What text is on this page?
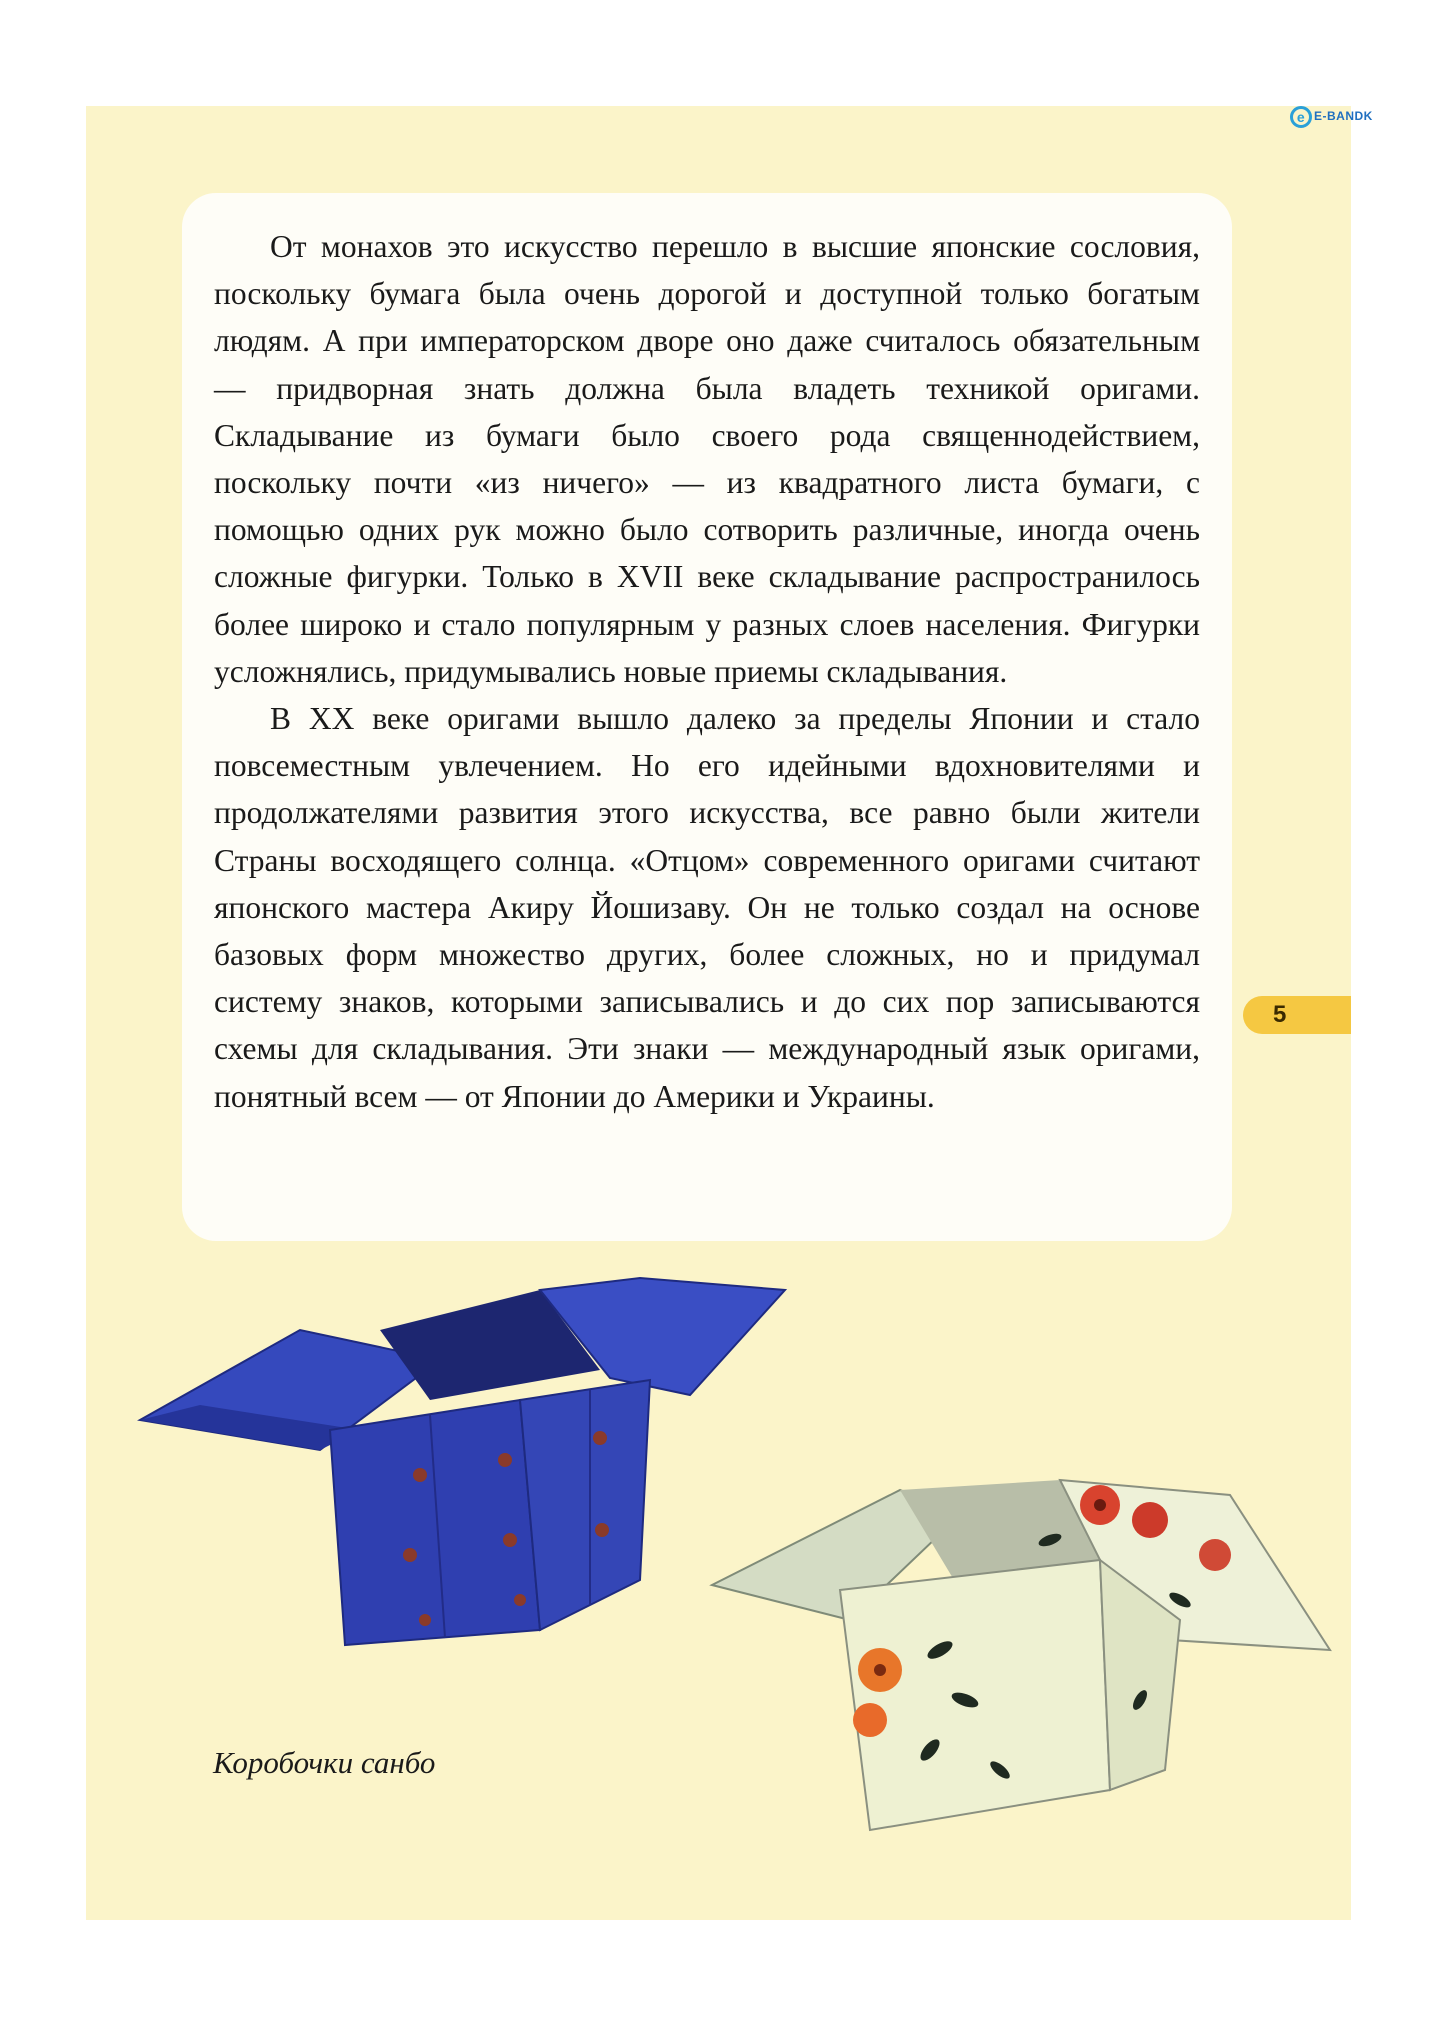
e E-BANDK

От монахов это искусство перешло в высшие японские сословия, поскольку бумага была очень дорогой и доступной только богатым людям. А при императорском дворе оно даже считалось обязательным — придворная знать должна была владеть техникой оригами. Складывание из бумаги было своего рода священнодействием, поскольку почти «из ничего» — из квадратного листа бумаги, с помощью одних рук можно было сотворить различные, иногда очень сложные фигурки. Только в XVII веке складывание распространилось более широко и стало популярным у разных слоев населения. Фигурки усложнялись, придумывались новые приемы складывания.

В XX веке оригами вышло далеко за пределы Японии и стало повсеместным увлечением. Но его идейными вдохновителями и продолжателями развития этого искусства, все равно были жители Страны восходящего солнца. «Отцом» современного оригами считают японского мастера Акиру Йошизаву. Он не только создал на основе базовых форм множество других, более сложных, но и придумал систему знаков, которыми записывались и до сих пор записываются схемы для складывания. Эти знаки — международный язык оригами, понятный всем — от Японии до Америки и Украины.

5
Коробочки санбо
